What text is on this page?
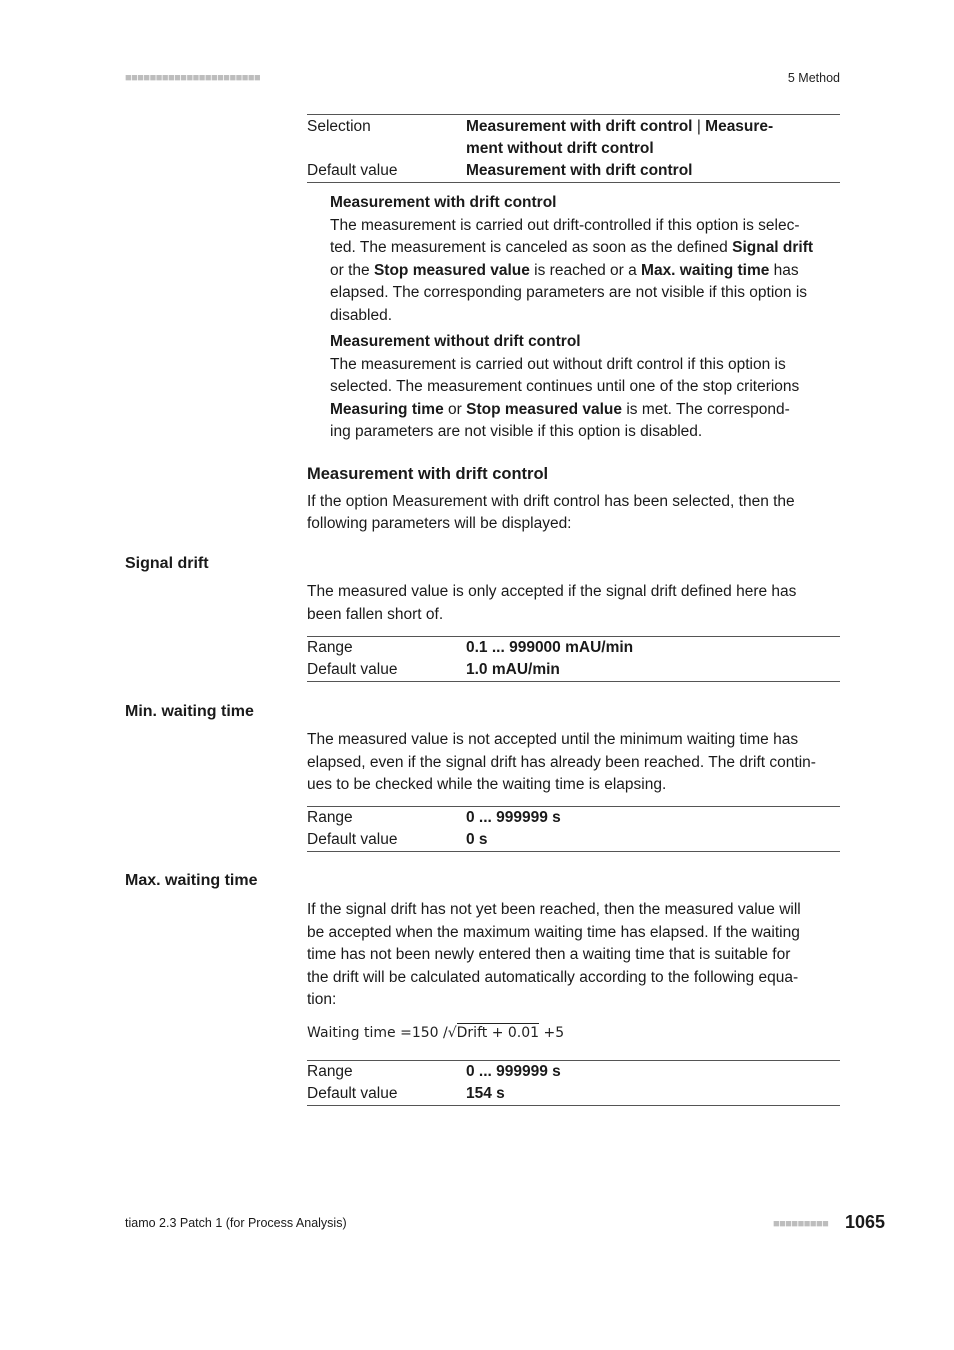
■■■■■■■■■■■■■■■■■■■■■■	5 Method
Selection	Measurement with drift control | Measure-
ment without drift control
Default value	Measurement with drift control
Measurement with drift control
The measurement is carried out drift-controlled if this option is selec-
ted. The measurement is canceled as soon as the defined Signal drift
or the Stop measured value is reached or a Max. waiting time has
elapsed. The corresponding parameters are not visible if this option is
disabled.
Measurement without drift control
The measurement is carried out without drift control if this option is
selected. The measurement continues until one of the stop criterions
Measuring time or Stop measured value is met. The correspond-
ing parameters are not visible if this option is disabled.
Measurement with drift control
If the option Measurement with drift control has been selected, then the
following parameters will be displayed:
Signal drift
The measured value is only accepted if the signal drift defined here has
been fallen short of.
Range	0.1 ... 999000 mAU/min
Default value	1.0 mAU/min
Min. waiting time
The measured value is not accepted until the minimum waiting time has
elapsed, even if the signal drift has already been reached. The drift contin-
ues to be checked while the waiting time is elapsing.
Range	0 ... 999999 s
Default value	0 s
Max. waiting time
If the signal drift has not yet been reached, then the measured value will
be accepted when the maximum waiting time has elapsed. If the waiting
time has not been newly entered then a waiting time that is suitable for
the drift will be calculated automatically according to the following equa-
tion:
Waiting time =150 /√Drift + 0.01 +5
Range	0 ... 999999 s
Default value	154 s
tiamo 2.3 Patch 1 (for Process Analysis)	■■■■■■■■■ 1065
